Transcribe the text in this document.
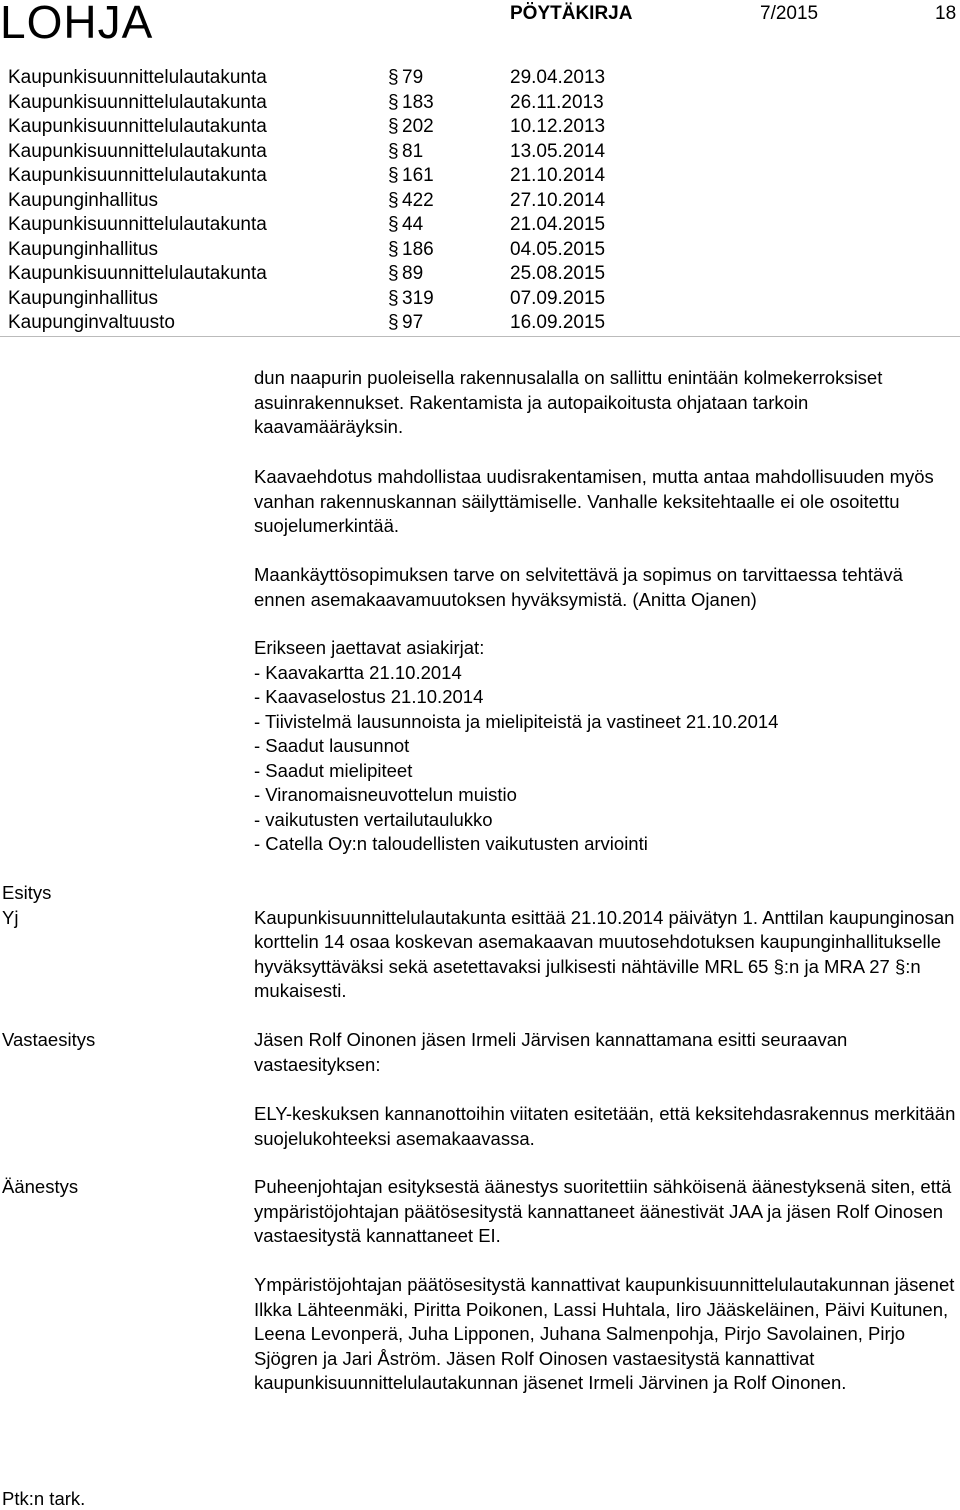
LOHJA	PÖYTÄKIRJA	7/2015	18
Kaupunkisuunnittelulautakunta	§ 79	29.04.2013
Kaupunkisuunnittelulautakunta	§ 183	26.11.2013
Kaupunkisuunnittelulautakunta	§ 202	10.12.2013
Kaupunkisuunnittelulautakunta	§ 81	13.05.2014
Kaupunkisuunnittelulautakunta	§ 161	21.10.2014
Kaupunginhallitus	§ 422	27.10.2014
Kaupunkisuunnittelulautakunta	§ 44	21.04.2015
Kaupunginhallitus	§ 186	04.05.2015
Kaupunkisuunnittelulautakunta	§ 89	25.08.2015
Kaupunginhallitus	§ 319	07.09.2015
Kaupunginvaltuusto	§ 97	16.09.2015

dun naapurin puoleisella rakennusalalla on sallittu enintään kolmekerroksiset asuinrakennukset. Rakentamista ja autopaikoitusta ohjataan tarkoin kaavamääräyksin.

Kaavaehdotus mahdollistaa uudisrakentamisen, mutta antaa mahdollisuuden myös vanhan rakennuskannan säilyttämiselle. Vanhalle keksitehtaalle ei ole osoitettu suojelumerkintää.

Maankäyttösopimuksen tarve on selvitettävä ja sopimus on tarvittaessa tehtävä ennen asemakaavamuutoksen hyväksymistä. (Anitta Ojanen)

Erikseen jaettavat asiakirjat:
- Kaavakartta 21.10.2014
- Kaavaselostus 21.10.2014
- Tiivistelmä lausunnoista ja mielipiteistä ja vastineet 21.10.2014
- Saadut lausunnot
- Saadut mielipiteet
- Viranomaisneuvottelun muistio
- vaikutusten vertailutaulukko
- Catella Oy:n taloudellisten vaikutusten arviointi
Esitys
Yj
Vastaesitys
Äänestys

Kaupunkisuunnittelulautakunta esittää 21.10.2014 päivätyn 1. Anttilan kaupunginosan korttelin 14 osaa koskevan asemakaavan muutosehdotuksen kaupunginhallitukselle hyväksyttäväksi sekä asetettavaksi julkisesti nähtäville MRL 65 §:n ja MRA 27 §:n mukaisesti.

Jäsen Rolf Oinonen jäsen Irmeli Järvisen kannattamana esitti seuraavan vastaesityksen:

ELY-keskuksen kannanottoihin viitaten esitetään, että keksitehdasrakennus merkitään suojelukohteeksi asemakaavassa.

Puheenjohtajan esityksestä äänestys suoritettiin sähköisenä äänestyksenä siten, että ympäristöjohtajan päätösesitystä kannattaneet äänestivät JAA ja jäsen Rolf Oinosen vastaesitystä kannattaneet EI.

Ympäristöjohtajan päätösesitystä kannattivat kaupunkisuunnittelulautakunnan jäsenet Ilkka Lähteenmäki, Piritta Poikonen, Lassi Huhtala, Iiro Jääskeläinen, Päivi Kuitunen, Leena Levonperä, Juha Lipponen, Juhana Salmenpohja, Pirjo Savolainen, Pirjo Sjögren ja Jari Åström. Jäsen Rolf Oinosen vastaesitystä kannattivat kaupunkisuunnittelulautakunnan jäsenet Irmeli Järvinen ja Rolf Oinonen.

Ptk:n tark.
